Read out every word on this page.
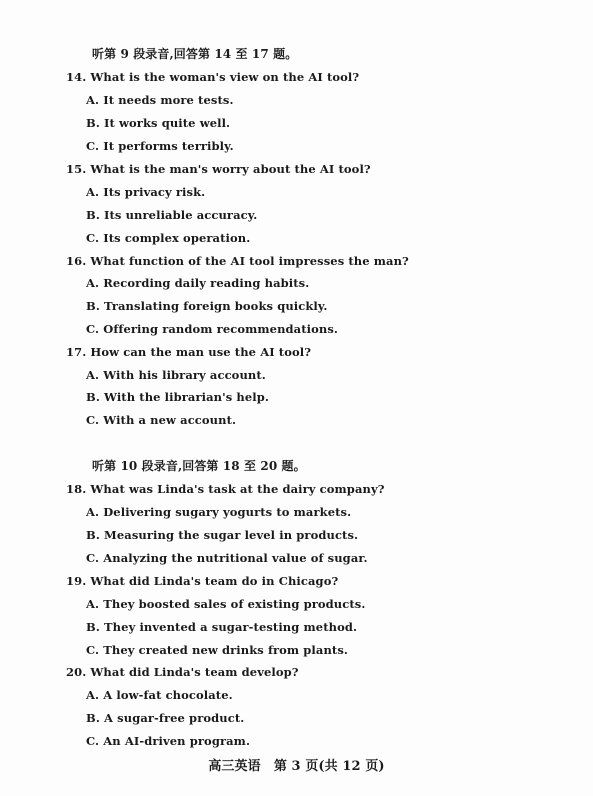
听第 9 段录音,回答第 14 至 17 题。
14. What is the woman's view on the AI tool?
A. It needs more tests.
B. It works quite well.
C. It performs terribly.
15. What is the man's worry about the AI tool?
A. Its privacy risk.
B. Its unreliable accuracy.
C. Its complex operation.
16. What function of the AI tool impresses the man?
A. Recording daily reading habits.
B. Translating foreign books quickly.
C. Offering random recommendations.
17. How can the man use the AI tool?
A. With his library account.
B. With the librarian's help.
C. With a new account.
听第 10 段录音,回答第 18 至 20 题。
18. What was Linda's task at the dairy company?
A. Delivering sugary yogurts to markets.
B. Measuring the sugar level in products.
C. Analyzing the nutritional value of sugar.
19. What did Linda's team do in Chicago?
A. They boosted sales of existing products.
B. They invented a sugar-testing method.
C. They created new drinks from plants.
20. What did Linda's team develop?
A. A low-fat chocolate.
B. A sugar-free product.
C. An AI-driven program.
高三英语　第 3 页(共 12 页)
